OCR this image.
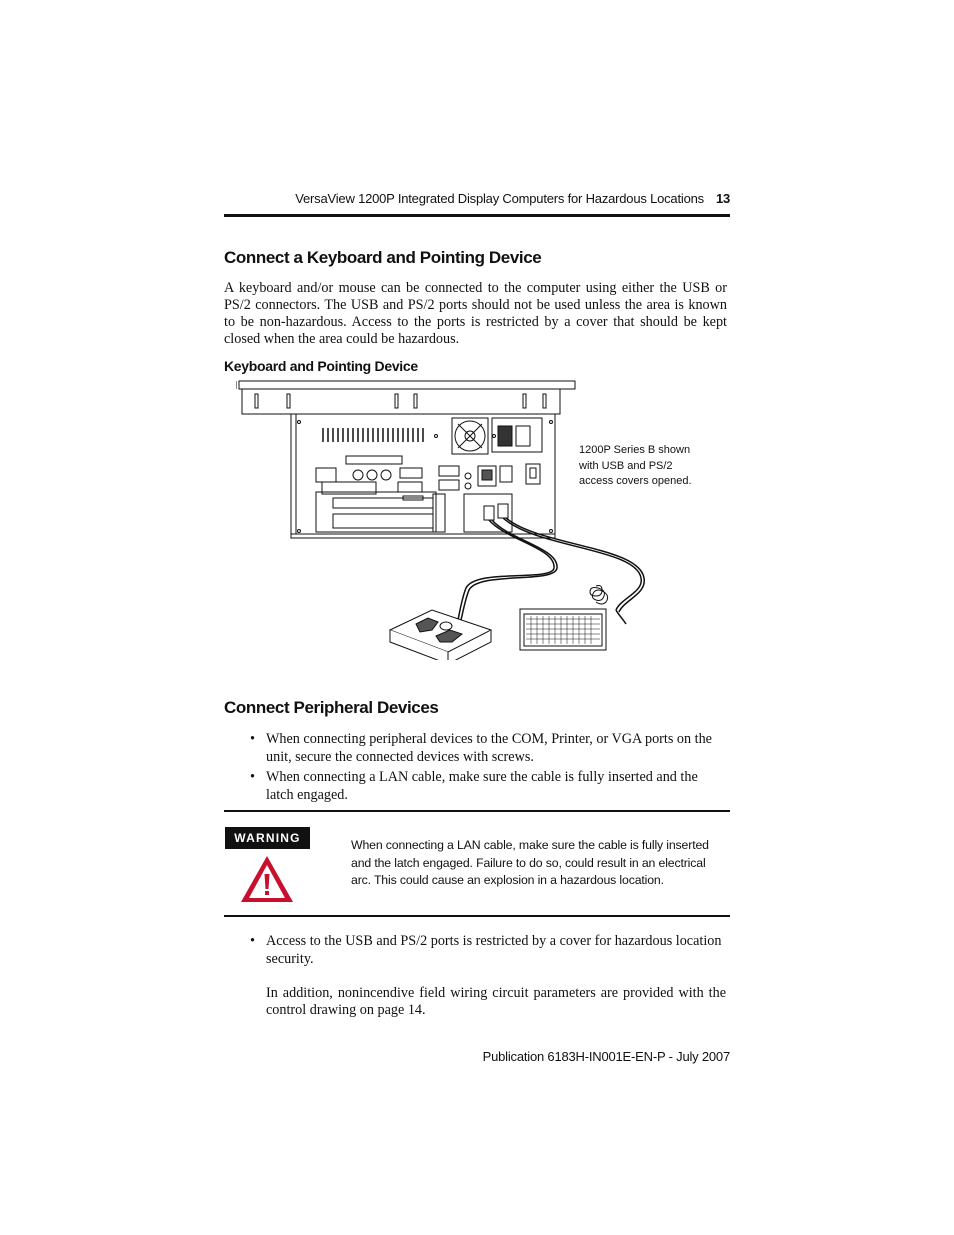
VersaView 1200P Integrated Display Computers for Hazardous Locations 13
Connect a Keyboard and Pointing Device

A keyboard and/or mouse can be connected to the computer using either the USB or PS/2 connectors. The USB and PS/2 ports should not be used unless the area is known to be non-hazardous. Access to the ports is restricted by a cover that should be kept closed when the area could be hazardous.

Keyboard and Pointing Device
1200P Series B shown with USB and PS/2 access covers opened.
Connect Peripheral Devices
• When connecting peripheral devices to the COM, Printer, or VGA ports on the unit, secure the connected devices with screws.
• When connecting a LAN cable, make sure the cable is fully inserted and the latch engaged.
WARNING	When connecting a LAN cable, make sure the cable is fully inserted and the latch engaged. Failure to do so, could result in an electrical arc. This could cause an explosion in a hazardous location.
• Access to the USB and PS/2 ports is restricted by a cover for hazardous location security.

In addition, nonincendive field wiring circuit parameters are provided with the control drawing on page 14.

Publication 6183H-IN001E-EN-P - July 2007
